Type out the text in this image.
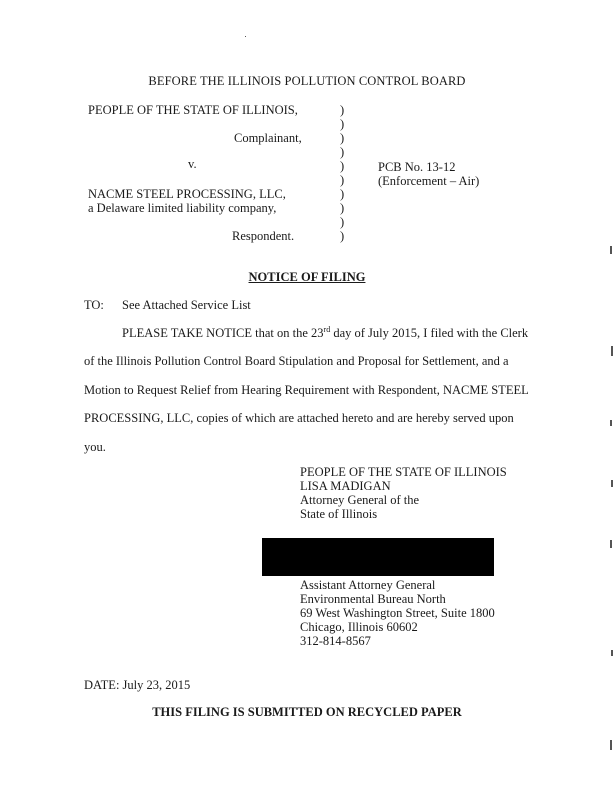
BEFORE THE ILLINOIS POLLUTION CONTROL BOARD
PEOPLE OF THE STATE OF ILLINOIS,
Complainant,
v.
NACME STEEL PROCESSING, LLC,
a Delaware limited liability company,
Respondent.
PCB No. 13-12
(Enforcement – Air)
)
)
)
)
)
)
)
)
)
)
NOTICE OF FILING
TO: See Attached Service List
PLEASE TAKE NOTICE that on the 23rd day of July 2015, I filed with the Clerk
of the Illinois Pollution Control Board Stipulation and Proposal for Settlement, and a
Motion to Request Relief from Hearing Requirement with Respondent, NACME STEEL
PROCESSING, LLC, copies of which are attached hereto and are hereby served upon
you.
PEOPLE OF THE STATE OF ILLINOIS
LISA MADIGAN
Attorney General of the
State of Illinois
Assistant Attorney General
Environmental Bureau North
69 West Washington Street, Suite 1800
Chicago, Illinois 60602
312-814-8567
DATE: July 23, 2015
THIS FILING IS SUBMITTED ON RECYCLED PAPER
